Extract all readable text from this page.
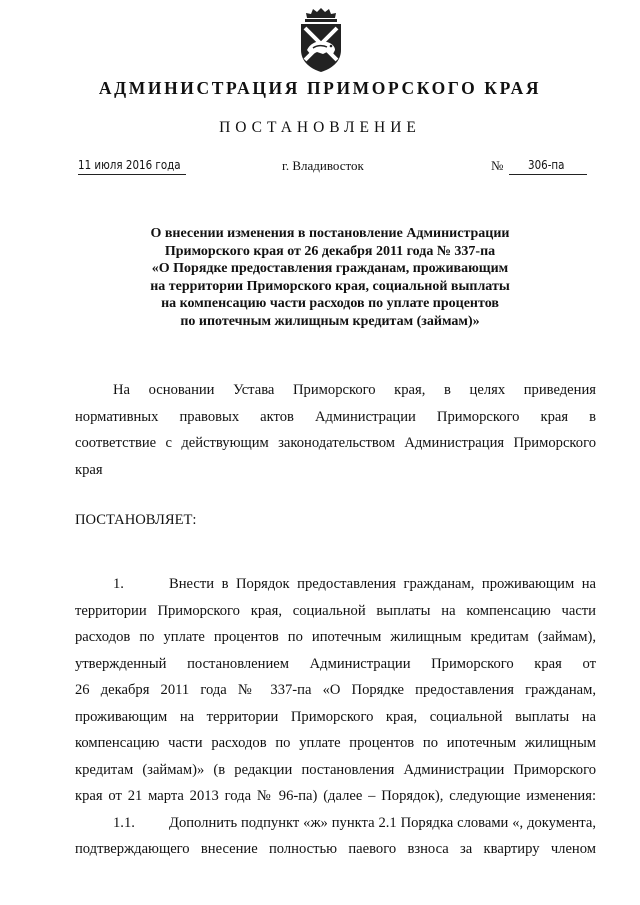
АДМИНИСТРАЦИЯ ПРИМОРСКОГО КРАЯ
ПОСТАНОВЛЕНИЕ
11 июля 2016 года	г. Владивосток	№ 306-па
О внесении изменения в постановление Администрации
Приморского края от 26 декабря 2011 года № 337-па
«О Порядке предоставления гражданам, проживающим
на территории Приморского края, социальной выплаты
на компенсацию части расходов по уплате процентов
по ипотечным жилищным кредитам (займам)»
На основании Устава Приморского края, в целях приведения
нормативных правовых актов Администрации Приморского края в
соответствие с действующим законодательством Администрация Приморского
края
ПОСТАНОВЛЯЕТ:
1.	Внести в Порядок предоставления гражданам, проживающим на
территории Приморского края, социальной выплаты на компенсацию части
расходов по уплате процентов по ипотечным жилищным кредитам (займам),
утвержденный постановлением Администрации Приморского края от
26 декабря 2011 года № 337-па «О Порядке предоставления гражданам,
проживающим на территории Приморского края, социальной выплаты на
компенсацию части расходов по уплате процентов по ипотечным жилищным
кредитам (займам)» (в редакции постановления Администрации Приморского
края от 21 марта 2013 года № 96-па) (далее – Порядок), следующие изменения:
1.1. Дополнить подпункт «ж» пункта 2.1 Порядка словами «, документа,
подтверждающего внесение полностью паевого взноса за квартиру членом
